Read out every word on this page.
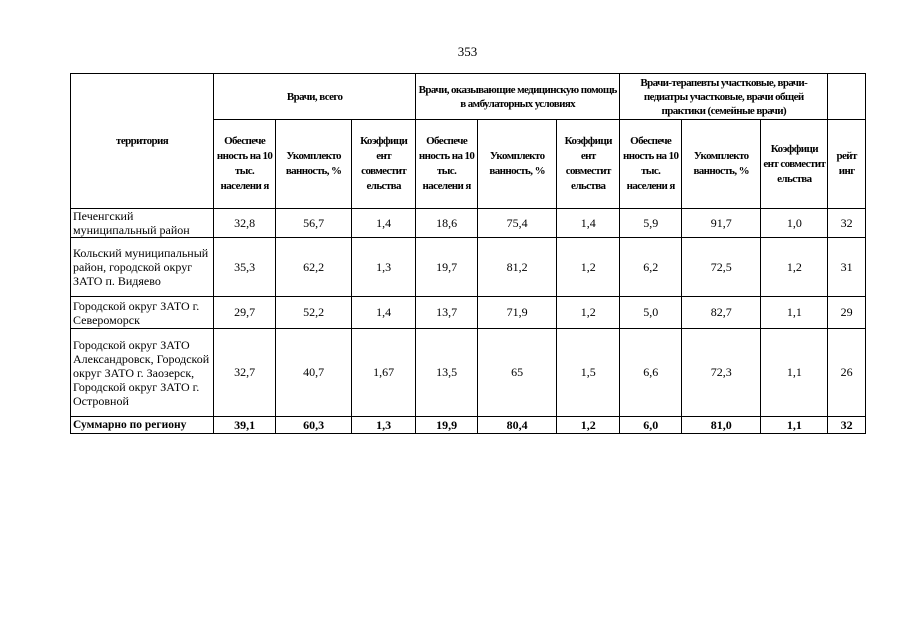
353
территория	Врачи, всего			Врачи, оказывающие медицинскую помощь в амбулаторных условиях			Врачи-терапевты участковые, врачи-педиатры участковые, врачи общей практики (семейные врачи)			
	Обеспече нность на 10 тыс. населени я	Укомплекто ванность, %	Коэффици ент совместит ельства	Обеспече нность на 10 тыс. населени я	Укомплекто ванность, %	Коэффици ент совместит ельства	Обеспече нность на 10 тыс. населени я	Укомплекто ванность, %	Коэффици ент совместит ельства	рейт инг
Печенгский муниципальный район	32,8	56,7	1,4	18,6	75,4	1,4	5,9	91,7	1,0	32
Кольский муниципальный район, городской округ ЗАТО п. Видяево	35,3	62,2	1,3	19,7	81,2	1,2	6,2	72,5	1,2	31
Городской округ ЗАТО г. Североморск	29,7	52,2	1,4	13,7	71,9	1,2	5,0	82,7	1,1	29
Городской округ ЗАТО Александровск, Городской округ ЗАТО г. Заозерск, Городской округ ЗАТО г. Островной	32,7	40,7	1,67	13,5	65	1,5	6,6	72,3	1,1	26
Суммарно по региону	39,1	60,3	1,3	19,9	80,4	1,2	6,0	81,0	1,1	32
